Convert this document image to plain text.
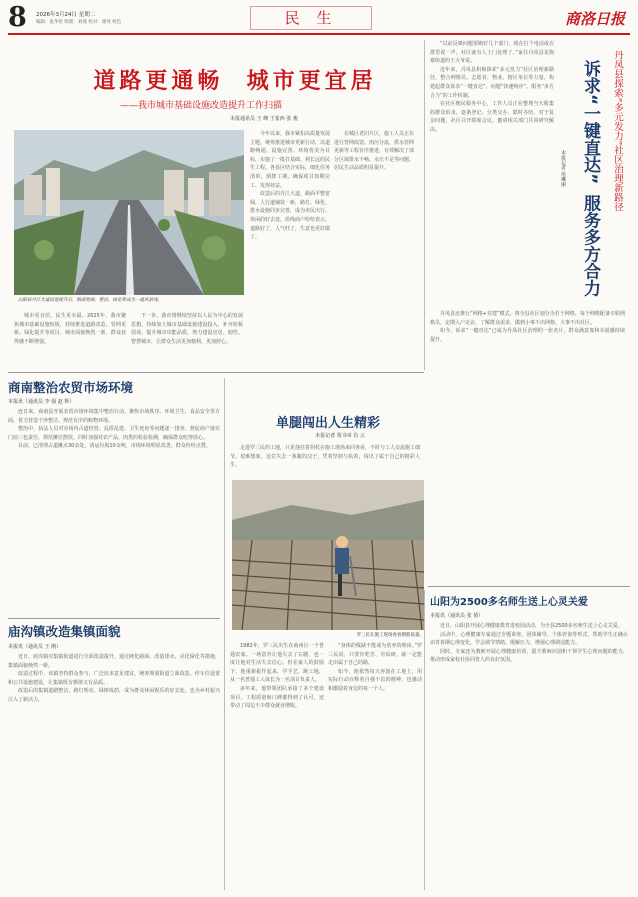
8 2026年3月24日 星期二
编辑：张华伦 组版：刘燕 校对：谢英 校色	民 生	商洛日报
道路更通畅  城市更宜居
——我市城市基础设施改造提升工作扫描
本报通讯员 王 峰 王希西 张 俊
山阳县丹江大道改造提升后，路面宽阔，整洁，绿化带成为一道风景线。

城市更宜居，民生更幸福。2025年，我市聚焦城市基础设施短板，持续推进道路改造、管网更新、绿化提升等项目，城市面貌焕然一新，群众获得感不断增强。

下一步，我市将继续坚持以人民为中心的发展思想，持续加大城市基础设施建设投入，补齐短板弱项，提升城市功能品质，努力建设宜居、韧性、智慧城市，让群众生活更加便利、更加舒心。

今年以来，我市紧扣高质量发展主题，统筹推进城市更新行动，以道路畅通、设施完善、环境优美为目标，实施了一批打基础、利长远的民生工程。各县区结合实际，细化任务清单，倒排工期，确保项目如期完工、发挥效益。

改造后的丹江大道，路面平整宽阔，人行道铺装一新，路灯、绿化、排水设施同步完善，成为市民出行、休闲的好去处。沿线商户纷纷表示，道路好了，人气旺了，生意也更好做了。

在城区老旧片区，施工人员正在进行管网改造。雨污分流、供水管网更新等工程有序推进，有效解决了部分区域排水不畅、水压不足等问题，居民生活品质明显提升。	丹凤县探索“多元发力”社区治理新路径
诉求“一键直达”服务多方合力
本报记者 巩琳丽

“以前反映问题要跑好几个部门，现在打个电话或在群里说一声，社区就有人上门处理了。”家住丹凤县龙驹寨街道的王大爷说。

近年来，丹凤县积极探索“多元发力”社区治理新路径，整合网格员、志愿者、物业、辖区单位等力量，构建起群众诉求“一键直达”、问题“快速响应”、服务“多方合力”的工作机制。

在社区便民服务中心，工作人员正在整理当天收集的群众诉求，逐条登记、分类交办、限时办结。对于复杂问题，社区召开联席会议，邀请相关部门共同研究解决。

丹凤县还推行“网格+党建”模式，将全县社区划分为若干网格，每个网格配备专职网格员，定期入户走访，了解群众需求，做到小事不出网格、大事不出社区。

如今，诉求“一键直达”已成为丹凤社区治理的一张名片，群众满意度和幸福感持续提升。

商南整治农贸市场环境
本报讯（通讯员 李 强 赵 辉）

连日来，商南县开展农贸市场环境集中整治行动，聚焦市场秩序、环境卫生、食品安全等方面，着力营造干净整洁、规范有序的购物环境。

整治中，执法人员对市场内占道经营、乱搭乱建、卫生死角等问题逐一排查，督促商户落实门前三包责任，规范摊位摆放。同时加强对农产品、肉类的检验检测，确保群众吃得放心。

目前，已清理占道摊点30余处，清运垃圾10余吨，市场环境明显改善，群众纷纷点赞。

庙沟镇改造集镇面貌
本报讯（通讯员 王 刚）

近日，庙沟镇对集镇街道进行全面改造提升，通过硬化路面、改造排水、亮化绿化等措施，集镇面貌焕然一新。

改造过程中，该镇坚持群众参与，广泛征求意见建议，统筹规划街道立面改造、停车位设置和公共设施建设，让集镇既有颜值又有品质。

改造后的集镇道路整洁、路灯明亮、绿树成荫，成为群众休闲娱乐的好去处，也为乡村振兴注入了新活力。

单腿闯出人生精彩
本报记者 贾书章 肖 云

走进罗三民的工地，只见他拄着拐杖在施工现场来回查看，不时与工人交流施工细节。很难想象，这位失去一条腿的汉子，凭着坚韧与执着，闯出了属于自己的精彩人生。

罗三民在施工现场查看钢筋质量。

1982年，罗三民出生在商州区一个普通农家。一场意外让他失去了右腿，也一度让他对生活失去信心。但在家人的鼓励下，他重新振作起来，学手艺、跑工地，从一名普通工人成长为一名项目负责人。

多年来，他带领团队承接了多个建设项目，工程质量和口碑都得到了认可，还带动了周边不少群众就业增收。

“身体的残缺不能成为放弃的理由。”罗三民说，只要肯吃苦、肯钻研，就一定能走出属于自己的路。

如今，他依然每天奔波在工地上，用实际行动诠释着自强不息的精神，也感动和激励着身边的每一个人。

山阳为2500多名师生送上心灵关爱
本报讯（通讯员 张 倩）

近日，山阳县开展心理健康教育进校园活动，为全县2500多名师生送上心灵关爱。

活动中，心理健康专家通过专题讲座、团体辅导、个体咨询等形式，帮助学生正确认识青春期心理变化，学会调节情绪、缓解压力，增强心理调适能力。

同时，专家还为教师开展心理健康培训，提升教师识别和干预学生心理问题的能力，推动形成家校社协同育人的良好氛围。
